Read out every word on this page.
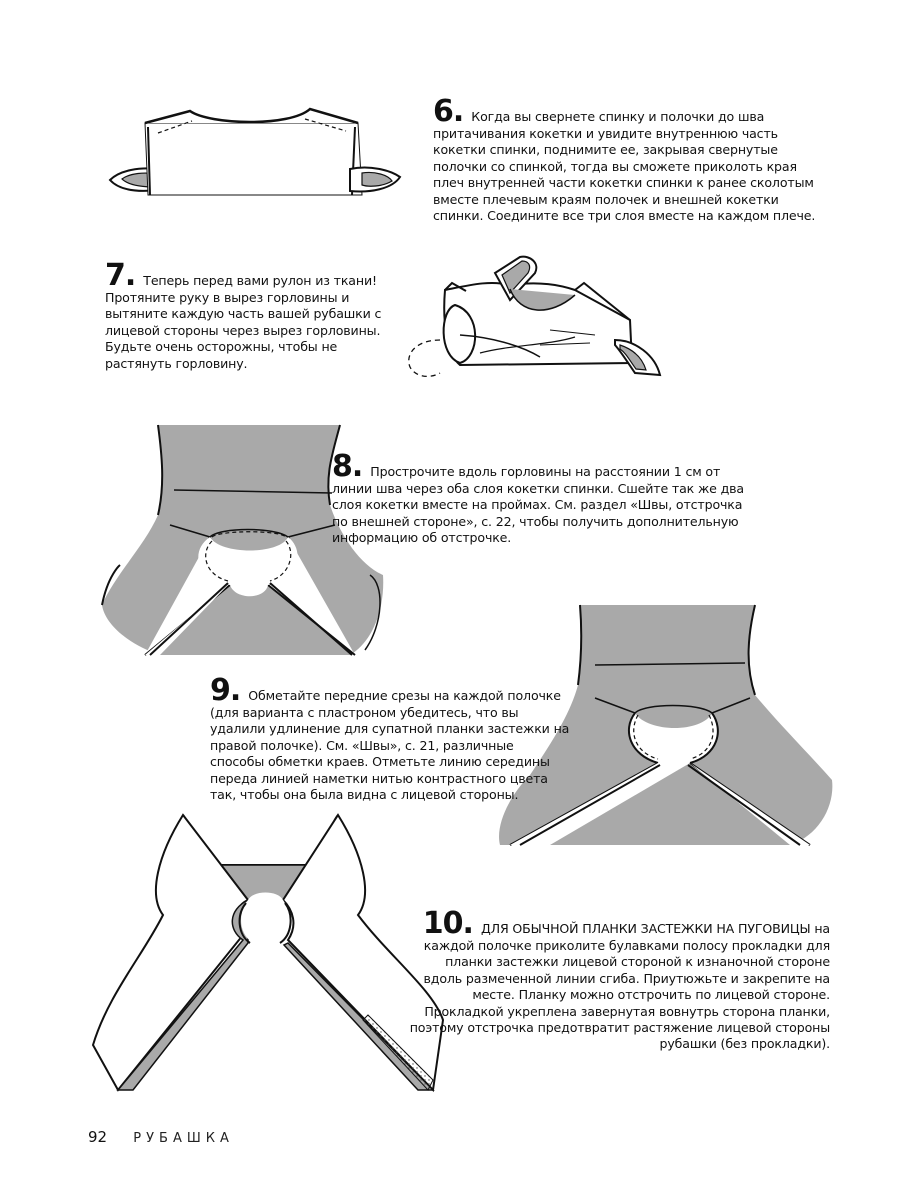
6. Когда вы свернете спинку и полочки до шва притачивания кокетки и увидите внутреннюю часть кокетки спинки, поднимите ее, закрывая свернутые полочки со спинкой, тогда вы сможете приколоть края плеч внутренней части кокетки спинки к ранее сколотым вместе плечевым краям полочек и внешней кокетки спинки. Соедините все три слоя вместе на каждом плече.
7. Теперь перед вами рулон из ткани! Протяните руку в вырез горловины и вытяните каждую часть вашей рубашки с лицевой стороны через вырез горловины. Будьте очень осторожны, чтобы не растянуть горловину.
8. Прострочите вдоль горловины на расстоянии 1 см от линии шва через оба слоя кокетки спинки. Сшейте так же два слоя кокетки вместе на проймах. См. раздел «Швы, отстрочка по внешней стороне», с. 22, чтобы получить дополнительную информацию об отстрочке.
9. Обметайте передние срезы на каждой полочке (для варианта с пластроном убедитесь, что вы удалили удлинение для супатной планки застежки на правой полочке). См. «Швы», с. 21, различные способы обметки краев. Отметьте линию середины переда линией наметки нитью контрастного цвета так, чтобы она была видна с лицевой стороны.
10. ДЛЯ ОБЫЧНОЙ ПЛАНКИ ЗАСТЕЖКИ НА ПУГОВИЦЫ на каждой полочке приколите булавками полосу прокладки для планки застежки лицевой стороной к изнаночной стороне вдоль размеченной линии сгиба. Приутюжьте и закрепите на месте. Планку можно отстрочить по лицевой стороне. Прокладкой укреплена завернутая вовнутрь сторона планки, поэтому отстрочка предотвратит растяжение лицевой стороны рубашки (без прокладки).
92 РУБАШКА
